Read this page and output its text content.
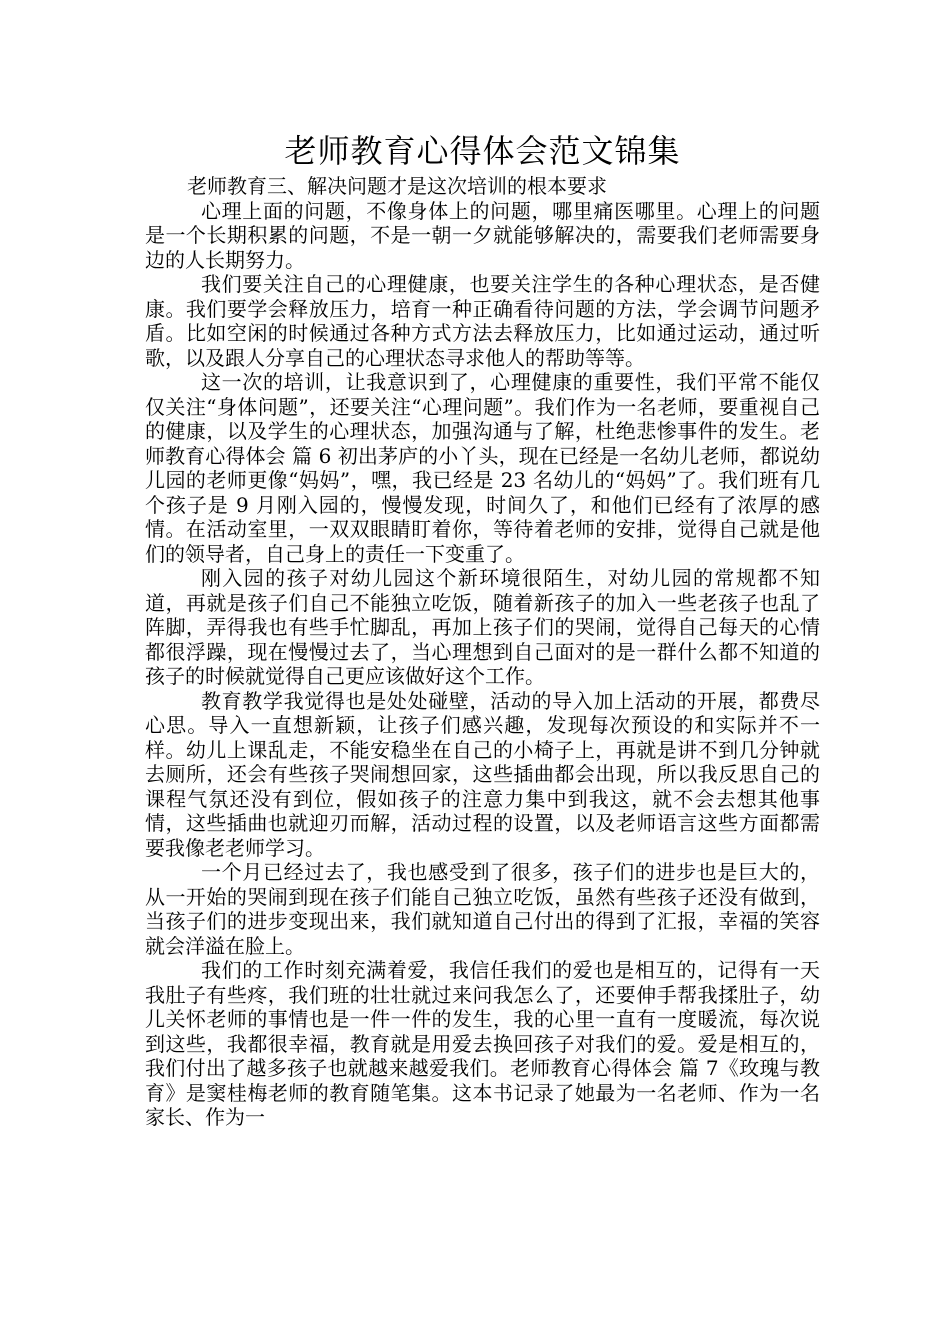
老师教育心得体会范文锦集

老师教育三、解决问题才是这次培训的根本要求

心理上面的问题，不像身体上的问题，哪里痛医哪里。心理上的问题是一个长期积累的问题，不是一朝一夕就能够解决的，需要我们老师需要身边的人长期努力。

我们要关注自己的心理健康，也要关注学生的各种心理状态，是否健康。我们要学会释放压力，培育一种正确看待问题的方法，学会调节问题矛盾。比如空闲的时候通过各种方式方法去释放压力，比如通过运动，通过听歌，以及跟人分享自己的心理状态寻求他人的帮助等等。

这一次的培训，让我意识到了，心理健康的重要性，我们平常不能仅仅关注“身体问题”，还要关注“心理问题”。我们作为一名老师，要重视自己的健康，以及学生的心理状态，加强沟通与了解，杜绝悲惨事件的发生。老师教育心得体会 篇 6 初出茅庐的小丫头，现在已经是一名幼儿老师，都说幼儿园的老师更像“妈妈”，嘿，我已经是 23 名幼儿的“妈妈”了。我们班有几个孩子是 9 月刚入园的，慢慢发现，时间久了，和他们已经有了浓厚的感情。在活动室里，一双双眼睛盯着你，等待着老师的安排，觉得自己就是他们的领导者，自己身上的责任一下变重了。

刚入园的孩子对幼儿园这个新环境很陌生，对幼儿园的常规都不知道，再就是孩子们自己不能独立吃饭，随着新孩子的加入一些老孩子也乱了阵脚，弄得我也有些手忙脚乱，再加上孩子们的哭闹，觉得自己每天的心情都很浮躁，现在慢慢过去了，当心理想到自己面对的是一群什么都不知道的孩子的时候就觉得自己更应该做好这个工作。

教育教学我觉得也是处处碰壁，活动的导入加上活动的开展，都费尽心思。导入一直想新颖，让孩子们感兴趣，发现每次预设的和实际并不一样。幼儿上课乱走，不能安稳坐在自己的小椅子上，再就是讲不到几分钟就去厕所，还会有些孩子哭闹想回家，这些插曲都会出现，所以我反思自己的课程气氛还没有到位，假如孩子的注意力集中到我这，就不会去想其他事情，这些插曲也就迎刃而解，活动过程的设置，以及老师语言这些方面都需要我像老老师学习。

一个月已经过去了，我也感受到了很多，孩子们的进步也是巨大的，从一开始的哭闹到现在孩子们能自己独立吃饭，虽然有些孩子还没有做到，当孩子们的进步变现出来，我们就知道自己付出的得到了汇报，幸福的笑容就会洋溢在脸上。

我们的工作时刻充满着爱，我信任我们的爱也是相互的，记得有一天我肚子有些疼，我们班的壮壮就过来问我怎么了，还要伸手帮我揉肚子，幼儿关怀老师的事情也是一件一件的发生，我的心里一直有一度暖流，每次说到这些，我都很幸福，教育就是用爱去换回孩子对我们的爱。爱是相互的，我们付出了越多孩子也就越来越爱我们。老师教育心得体会 篇 7《玫瑰与教育》是窦桂梅老师的教育随笔集。这本书记录了她最为一名老师、作为一名家长、作为一
